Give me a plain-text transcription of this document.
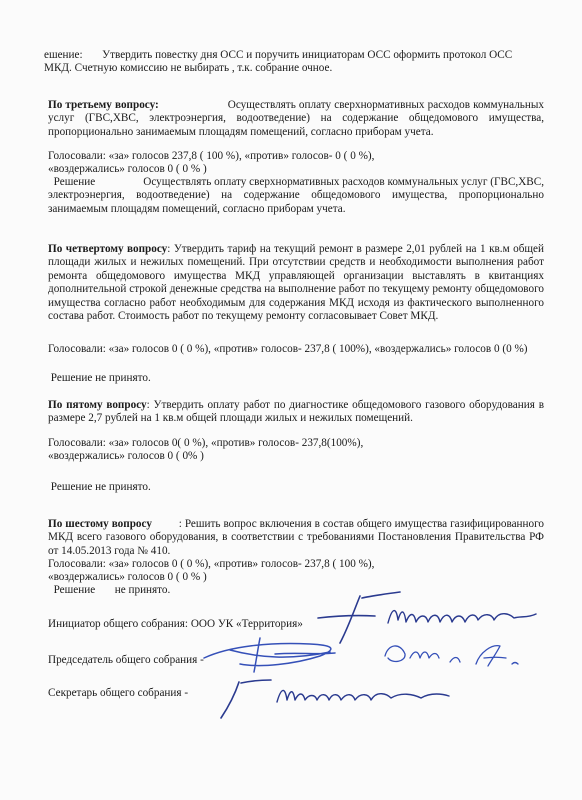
ешение: Утвердить повестку дня ОСС и поручить инициаторам ОСС оформить протокол ОСС
МКД. Счетную комиссию не выбирать , т.к. собрание очное.
По третьему вопросу:	Осуществлять оплату сверхнормативных расходов коммунальных услуг (ГВС,ХВС, электроэнергия, водоотведение) на содержание общедомового имущества, пропорционально занимаемым площадям помещений, согласно приборам учета.
Голосовали: «за» голосов 237,8 ( 100 %), «против» голосов- 0 ( 0 %),
«воздержались» голосов 0 ( 0 % )
Решение	Осуществлять оплату сверхнормативных расходов коммунальных услуг (ГВС,ХВС, электроэнергия, водоотведение) на содержание общедомового имущества, пропорционально занимаемым площадям помещений, согласно приборам учета.
По четвертому вопросу: Утвердить тариф на текущий ремонт в размере 2,01 рублей на 1 кв.м общей площади жилых и нежилых помещений. При отсутствии средств и необходимости выполнения работ ремонта общедомового имущества МКД управляющей организации выставлять в квитанциях дополнительной строкой денежные средства на выполнение работ по текущему ремонту общедомового имущества согласно работ необходимым для содержания МКД исходя из фактического выполненного состава работ. Стоимость работ по текущему ремонту согласовывает Совет МКД.
Голосовали: «за» голосов 0 ( 0 %), «против» голосов- 237,8 ( 100%), «воздержались» голосов 0 (0 %)
Решение не принято.
По пятому вопросу: Утвердить оплату работ по диагностике общедомового газового оборудования в размере 2,7 рублей на 1 кв.м общей площади жилых и нежилых помещений.
Голосовали: «за» голосов 0( 0 %), «против» голосов- 237,8(100%),
«воздержались» голосов 0 ( 0% )
Решение не принято.
По шестому вопросу : Решить вопрос включения в состав общего имущества газифицированного МКД всего газового оборудования, в соответствии с требованиями Постановления Правительства РФ от 14.05.2013 года № 410.
Голосовали: «за» голосов 0 ( 0 %), «против» голосов- 237,8 ( 100 %),
«воздержались» голосов 0 ( 0 % )
Решение не принято.
Инициатор общего собрания: ООО УК «Территория»
Председатель общего собрания -
Секретарь общего собрания -
